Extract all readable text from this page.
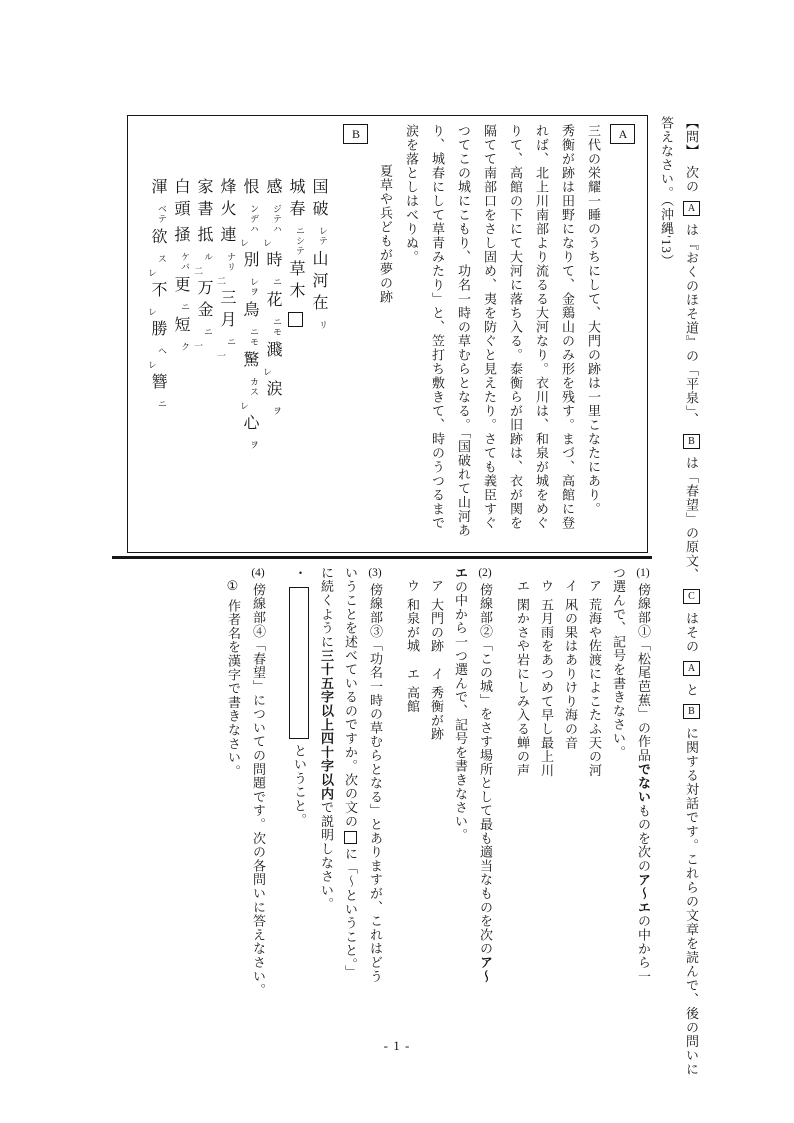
【問】　次の A は『おくのほそ道』の「平泉」、 B は「春望」の原文、 C はその A と B に関する対話です。これらの文章を読んで、後の問いに
答えなさい。（沖縄'13）
A
三代の栄耀一睡のうちにして、大門の跡は一里こなたにあり。
秀衡が跡は田野になりて、金鶏山のみ形を残す。まづ、高館に登
れば、北上川南部より流るる大河なり。衣川は、和泉が城をめぐ
りて、高館の下にて大河に落ち入る。泰衡らが旧跡は、衣が関を
隔てて南部口をさし固め、夷を防ぐと見えたり。さても義臣すぐ
つてこの城にこもり、功名一時の草むらとなる。「国破れて山河あ
り、城春にして草青みたり」と、笠打ち敷きて、時のうつるまで
涙を落としはべりぬ。
夏草や兵どもが夢の跡
B
国破 レテ 山河在 リ
城春 ニシテ 草木
感 ジテハ レ 時 ニ 花 ニモ 濺 レ 涙 ヲ
恨 ンデハ レ 別 レヲ 鳥 ニモ 驚 カス レ 心 ヲ
烽火 連 ナリ 二 三月 ニ 一
家書 抵 ル 二 万金 ニ 一
白頭 掻 ケバ 更 ニ 短 ク
渾 ベテ 欲 ス レ 不 レ 勝 ヘ レ 簪 ニ
(1)傍線部①「松尾芭蕉」の作品でないものを次のア～エの中から一
つ選んで、記号を書きなさい。
ア荒海や佐渡によこたふ天の河
イ凩の果はありけり海の音
ウ五月雨をあつめて早し最上川
エ閑かさや岩にしみ入る蝉の声
(2)傍線部②「この城」をさす場所として最も適当なものを次のア～
エの中から一つ選んで、記号を書きなさい。
ア大門の跡イ秀衡が跡
ウ和泉が城エ高館
(3)傍線部③「功名一時の草むらとなる」とありますが、これはどう
いうことを述べているのですか。次の文のに「～ということ。」
に続くように三十五字以上四十字以内で説明しなさい。
・ということ。
(4)傍線部④「春望」についての問題です。次の各問いに答えなさい。
①作者名を漢字で書きなさい。
- 1 -
